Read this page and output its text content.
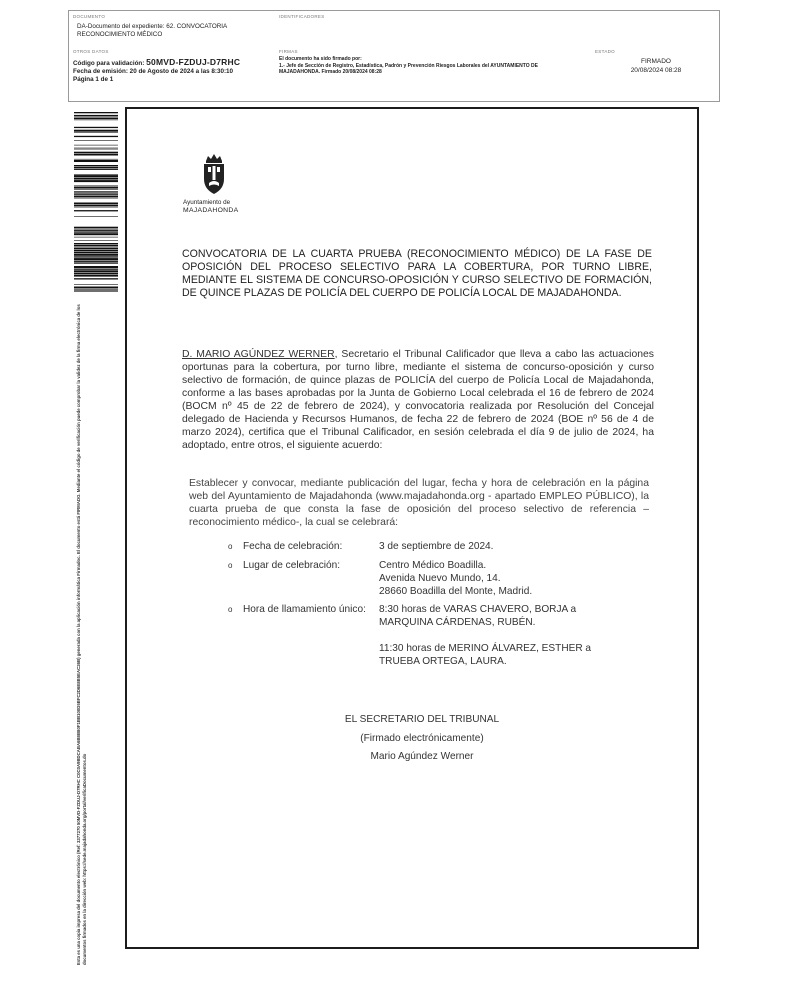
DOCUMENTO
DA-Documento del expediente: 62. CONVOCATORIA RECONOCIMIENTO MÉDICO
IDENTIFICADORES
OTROS DATOS
Código para validación: 50MVD-FZDUJ-D7RHC
Fecha de emisión: 20 de Agosto de 2024 a las 8:30:10
Página 1 de 1
FIRMAS
El documento ha sido firmado por:
1.- Jefe de Sección de Registro, Estadística, Padrón y Prevención Riesgos Laborales del AYUNTAMIENTO DE MAJADAHONDA. Firmado 20/08/2024 08:28
ESTADO
FIRMADO
20/08/2024 08:28
Esta es una copia impresa del documento electrónico (Ref: 3377270 50MVD-FZDUJ-D7RHC C0C0A9BDCABA6B8B80F1BB100D5BFC2D6E8B5EAC26B) generada con la aplicación informática Firmadoc. El documento está FIRMADO. Mediante el código de verificación puede comprobar la validez de la firma electrónica de los documentos firmados en la dirección web: https://sede.majadahonda.org/portal/verificaDocumentos.do
Ayuntamiento de
MAJADAHONDA
CONVOCATORIA DE LA CUARTA PRUEBA (RECONOCIMIENTO MÉDICO) DE LA FASE DE OPOSICIÓN DEL PROCESO SELECTIVO PARA LA COBERTURA, POR TURNO LIBRE, MEDIANTE EL SISTEMA DE CONCURSO-OPOSICIÓN Y CURSO SELECTIVO DE FORMACIÓN, DE QUINCE PLAZAS DE POLICÍA DEL CUERPO DE POLICÍA LOCAL DE MAJADAHONDA.
D. MARIO AGÚNDEZ WERNER, Secretario el Tribunal Calificador que lleva a cabo las actuaciones oportunas para la cobertura, por turno libre, mediante el sistema de concurso-oposición y curso selectivo de formación, de quince plazas de POLICÍA del cuerpo de Policía Local de Majadahonda, conforme a las bases aprobadas por la Junta de Gobierno Local celebrada el 16 de febrero de 2024 (BOCM nº 45 de 22 de febrero de 2024), y convocatoria realizada por Resolución del Concejal delegado de Hacienda y Recursos Humanos, de fecha 22 de febrero de 2024 (BOE nº 56 de 4 de marzo 2024), certifica que el Tribunal Calificador, en sesión celebrada el día 9 de julio de 2024, ha adoptado, entre otros, el siguiente acuerdo:
Establecer y convocar, mediante publicación del lugar, fecha y hora de celebración en la página web del Ayuntamiento de Majadahonda (www.majadahonda.org - apartado EMPLEO PÚBLICO), la cuarta prueba de que consta la fase de oposición del proceso selectivo de referencia – reconocimiento médico-, la cual se celebrará:
o Fecha de celebración:	3 de septiembre de 2024.
o Lugar de celebración:	Centro Médico Boadilla.
Avenida Nuevo Mundo, 14.
28660 Boadilla del Monte, Madrid.
o Hora de llamamiento único: 8:30 horas de VARAS CHAVERO, BORJA a MARQUINA CÁRDENAS, RUBÉN.
11:30 horas de MERINO ÁLVAREZ, ESTHER a TRUEBA ORTEGA, LAURA.
EL SECRETARIO DEL TRIBUNAL
(Firmado electrónicamente)
Mario Agúndez Werner
